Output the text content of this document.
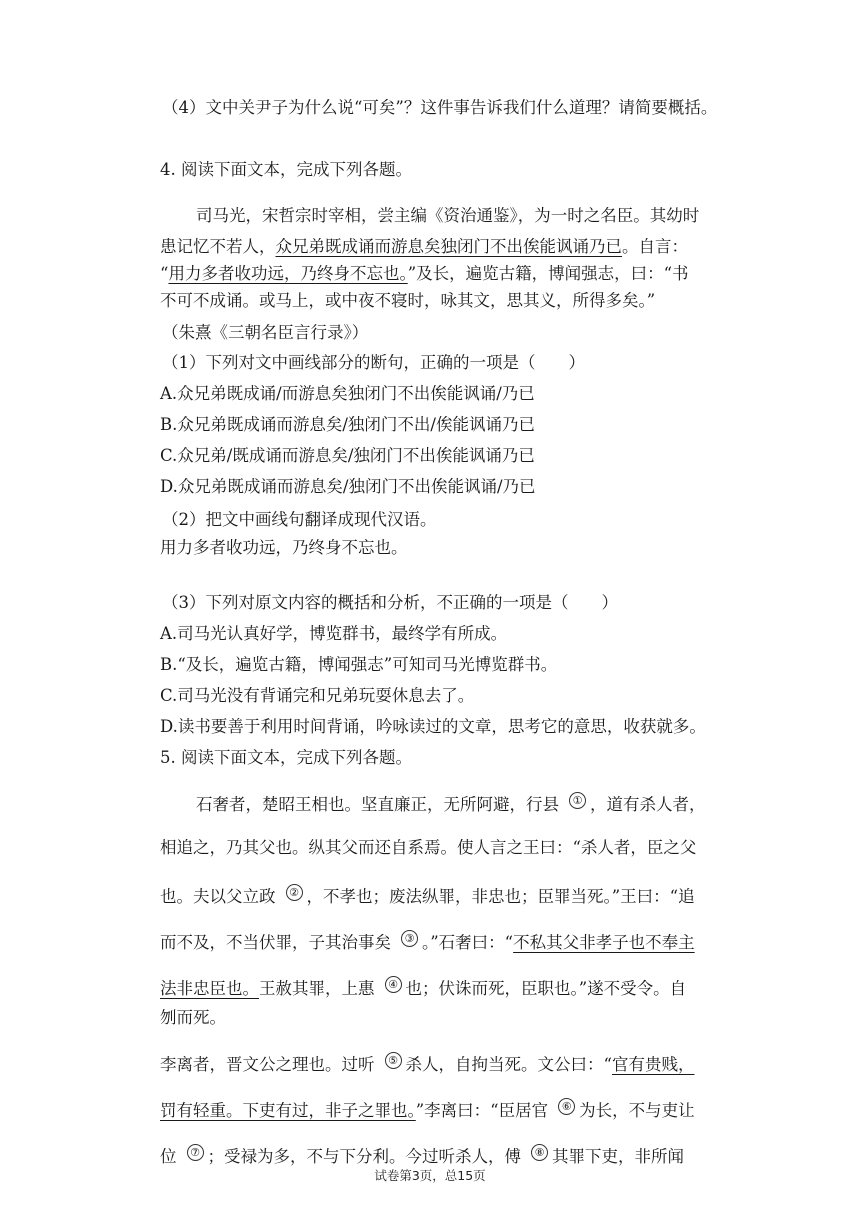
（4）文中关尹子为什么说“可矣”？这件事告诉我们什么道理？请简要概括。
4. 阅读下面文本，完成下列各题。
司马光，宋哲宗时宰相，尝主编《资治通鉴》，为一时之名臣。其幼时
患记忆不若人，众兄弟既成诵而游息矣独闭门不出俟能讽诵乃已。自言：
“用力多者收功远，乃终身不忘也。”及长，遍览古籍，博闻强志，曰：“书
不可不成诵。或马上，或中夜不寝时，咏其文，思其义，所得多矣。”
（朱熹《三朝名臣言行录》）
（1）下列对文中画线部分的断句，正确的一项是（　　）
A.众兄弟既成诵/而游息矣独闭门不出俟能讽诵/乃已
B.众兄弟既成诵而游息矣/独闭门不出/俟能讽诵乃已
C.众兄弟/既成诵而游息矣/独闭门不出俟能讽诵乃已
D.众兄弟既成诵而游息矣/独闭门不出俟能讽诵/乃已
（2）把文中画线句翻译成现代汉语。
用力多者收功远，乃终身不忘也。
（3）下列对原文内容的概括和分析，不正确的一项是（　　）
A.司马光认真好学，博览群书，最终学有所成。
B.“及长，遍览古籍，博闻强志”可知司马光博览群书。
C.司马光没有背诵完和兄弟玩耍休息去了。
D.读书要善于利用时间背诵，吟咏读过的文章，思考它的意思，收获就多。
5. 阅读下面文本，完成下列各题。
石奢者，楚昭王相也。坚直廉正，无所阿避，行县 ① ，道有杀人者，
相追之，乃其父也。纵其父而还自系焉。使人言之王曰：“杀人者，臣之父
也。夫以父立政 ② ，不孝也；废法纵罪，非忠也；臣罪当死。”王曰：“追
而不及，不当伏罪，子其治事矣 ③ 。”石奢曰：“不私其父非孝子也不奉主
法非忠臣也。王赦其罪，上惠 ④ 也；伏诛而死，臣职也。”遂不受令。自
刎而死。
李离者，晋文公之理也。过听 ⑤ 杀人，自拘当死。文公曰：“官有贵贱，
罚有轻重。下吏有过，非子之罪也。”李离曰：“臣居官 ⑥ 为长，不与吏让
位 ⑦ ；受禄为多，不与下分利。今过听杀人，傅 ⑧ 其罪下吏，非所闻
试卷第3页，总15页
